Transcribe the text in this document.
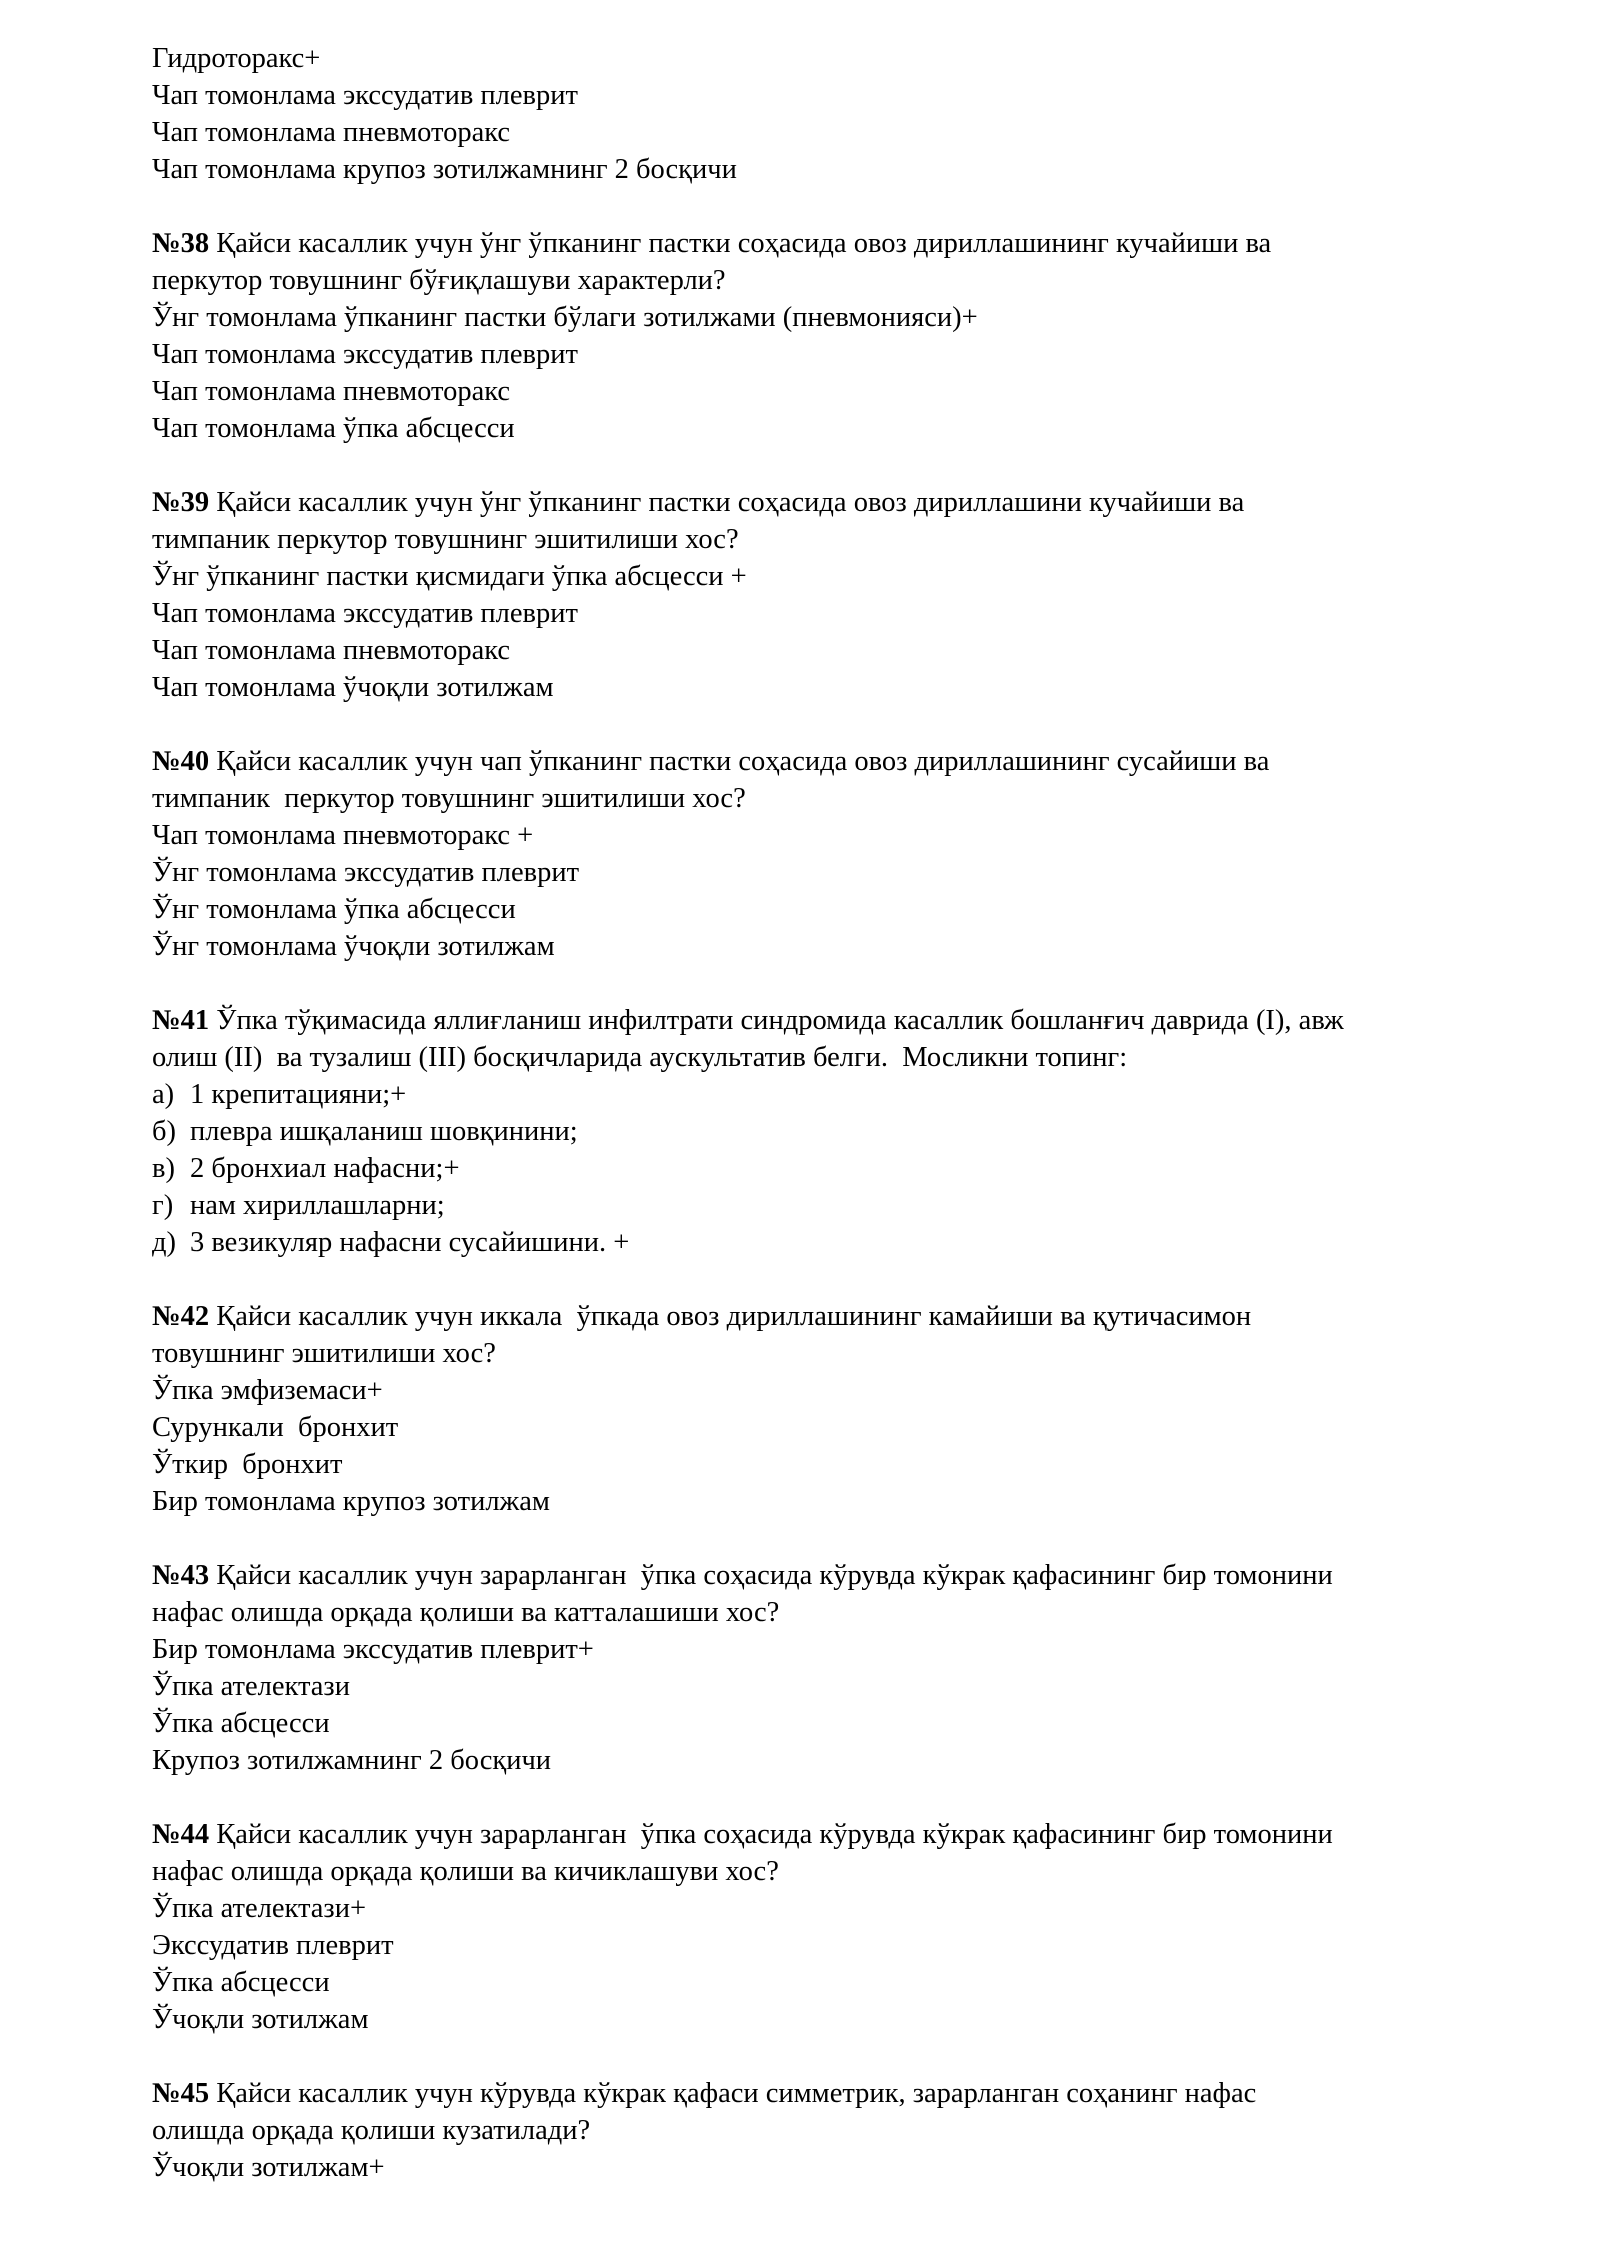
Гидроторакс+
Чап томонлама экссудатив плеврит
Чап томонлама пневмоторакс
Чап томонлама крупоз зотилжамнинг 2 босқичи
№38 Қайси касаллик учун ўнг ўпканинг пастки соҳасида овоз дириллашининг кучайиши ва
перкутор товушнинг бўғиқлашуви характерли?
Ўнг томонлама ўпканинг пастки бўлаги зотилжами (пневмонияси)+
Чап томонлама экссудатив плеврит
Чап томонлама пневмоторакс
Чап томонлама ўпка абсцесси
№39 Қайси касаллик учун ўнг ўпканинг пастки соҳасида овоз дириллашини кучайиши ва
тимпаник перкутор товушнинг эшитилиши хос?
Ўнг ўпканинг пастки қисмидаги ўпка абсцесси +
Чап томонлама экссудатив плеврит
Чап томонлама пневмоторакс
Чап томонлама ўчоқли зотилжам
№40 Қайси касаллик учун чап ўпканинг пастки соҳасида овоз дириллашининг сусайиши ва
тимпаник  перкутор товушнинг эшитилиши хос?
Чап томонлама пневмоторакс +
Ўнг томонлама экссудатив плеврит
Ўнг томонлама ўпка абсцесси
Ўнг томонлама ўчоқли зотилжам
№41 Ўпка тўқимасида яллиғланиш инфилтрати синдромида касаллик бошланғич даврида (I), авж
олиш (II)  ва тузалиш (III) босқичларида аускультатив белги.  Мосликни топинг:
а) 1 крепитацияни;+
б) плевра ишқаланиш шовқинини;
в) 2 бронхиал нафасни;+
г) нам хириллашларни;
д) 3 везикуляр нафасни сусайишини. +
№42 Қайси касаллик учун иккала  ўпкада овоз дириллашининг камайиши ва қутичасимон
товушнинг эшитилиши хос?
Ўпка эмфиземаси+
Сурункали  бронхит
Ўткир  бронхит
Бир томонлама крупоз зотилжам
№43 Қайси касаллик учун зарарланган  ўпка соҳасида кўрувда кўкрак қафасининг бир томонини
нафас олишда орқада қолиши ва катталашиши хос?
Бир томонлама экссудатив плеврит+
Ўпка ателектази
Ўпка абсцесси
Крупоз зотилжамнинг 2 босқичи
№44 Қайси касаллик учун зарарланган  ўпка соҳасида кўрувда кўкрак қафасининг бир томонини
нафас олишда орқада қолиши ва кичиклашуви хос?
Ўпка ателектази+
Экссудатив плеврит
Ўпка абсцесси
Ўчоқли зотилжам
№45 Қайси касаллик учун кўрувда кўкрак қафаси симметрик, зарарланган соҳанинг нафас
олишда орқада қолиши кузатилади?
Ўчоқли зотилжам+
